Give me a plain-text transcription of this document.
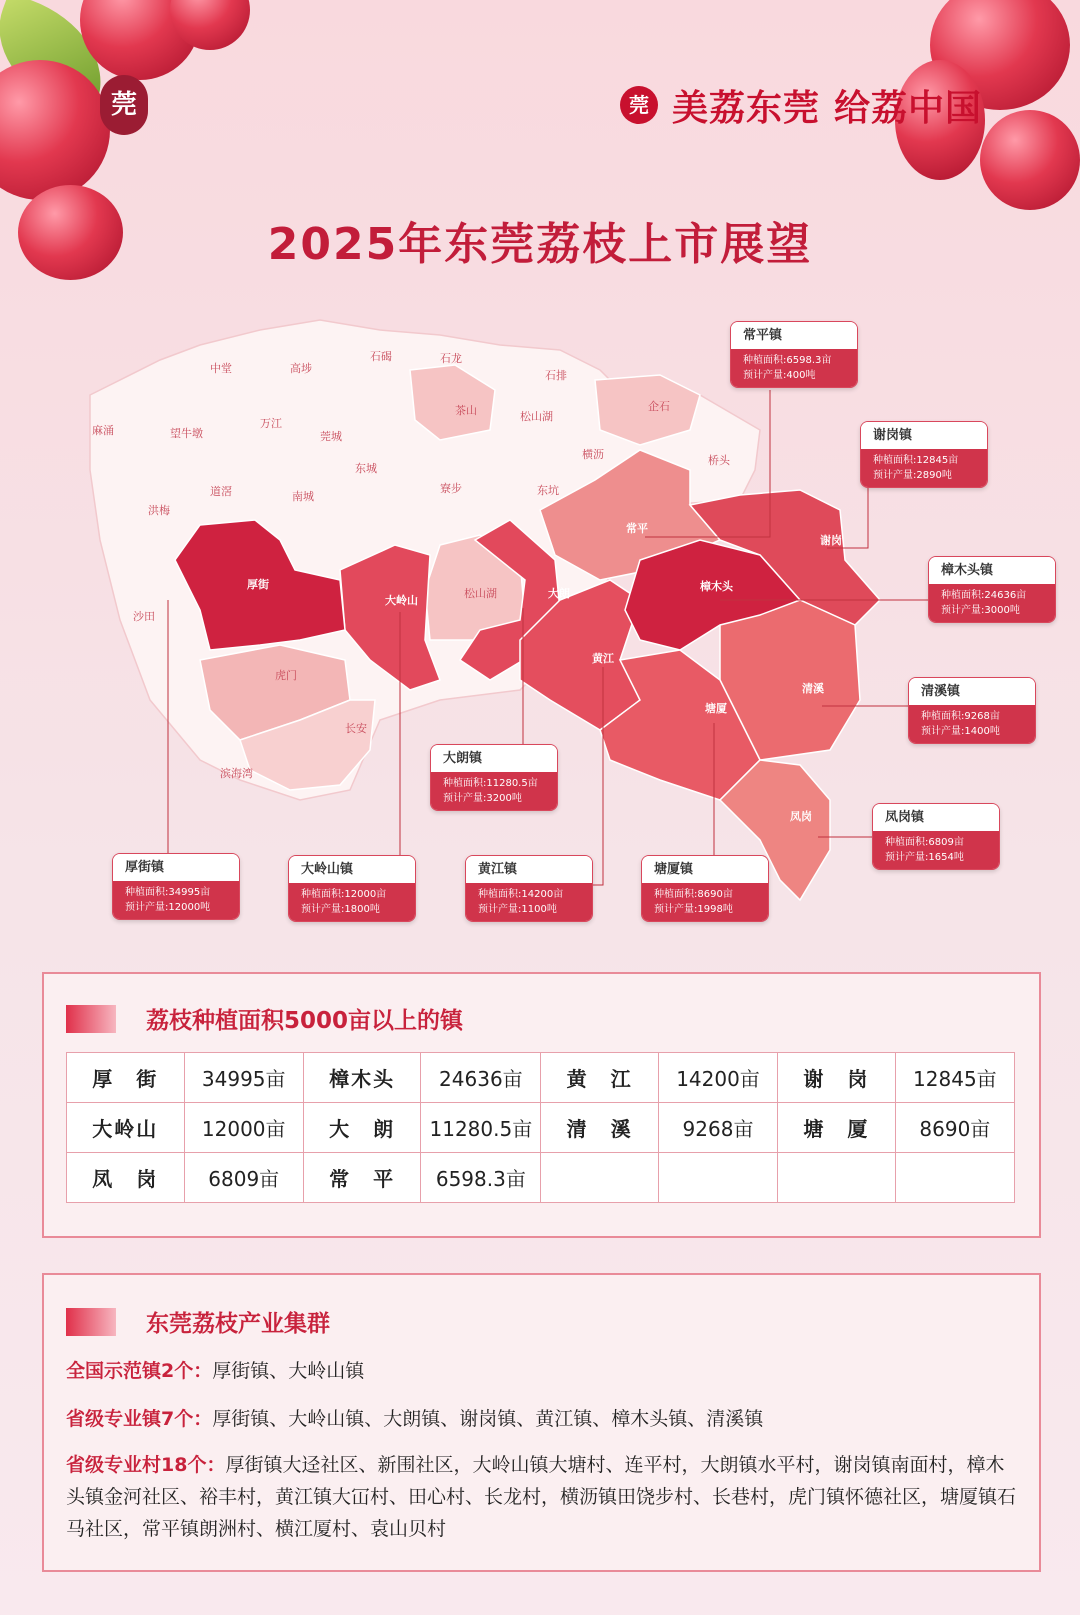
莞	莞 美荔东莞 给荔中国
2025年东莞荔枝上市展望
中堂	高埗
石碣	石龙
石排
麻涌	望牛墩
万江
莞城
茶山	松山湖
企石
道滘
东城
寮步
横沥	桥头
洪梅
南城	东坑
常平
谢岗
厚街
大岭山
松山湖	大朗
樟木头
沙田
虎门
黄江
清溪
长安
塘厦
滨海湾
凤岗
常平镇
种植面积:6598.3亩
预计产量:400吨
谢岗镇
种植面积:12845亩
预计产量:2890吨
樟木头镇
种植面积:24636亩
预计产量:3000吨
清溪镇
种植面积:9268亩
预计产量:1400吨
凤岗镇
种植面积:6809亩
预计产量:1654吨
大朗镇
种植面积:11280.5亩
预计产量:3200吨
厚街镇
种植面积:34995亩
预计产量:12000吨
大岭山镇
种植面积:12000亩
预计产量:1800吨
黄江镇
种植面积:14200亩
预计产量:1100吨
塘厦镇
种植面积:8690亩
预计产量:1998吨
荔枝种植面积5000亩以上的镇
厚　街	34995亩	樟木头	24636亩	黄　江	14200亩	谢　岗	12845亩
大岭山	12000亩	大　朗	11280.5亩	清　溪	9268亩	塘　厦	8690亩
凤　岗	6809亩	常　平	6598.3亩				
东莞荔枝产业集群
全国示范镇2个：厚街镇、大岭山镇
省级专业镇7个：厚街镇、大岭山镇、大朗镇、谢岗镇、黄江镇、樟木头镇、清溪镇
省级专业村18个：厚街镇大迳社区、新围社区，大岭山镇大塘村、连平村，大朗镇水平村，谢岗镇南面村，樟木头镇金河社区、裕丰村，黄江镇大冚村、田心村、长龙村，横沥镇田饶步村、长巷村，虎门镇怀德社区，塘厦镇石马社区，常平镇朗洲村、横江厦村、袁山贝村
